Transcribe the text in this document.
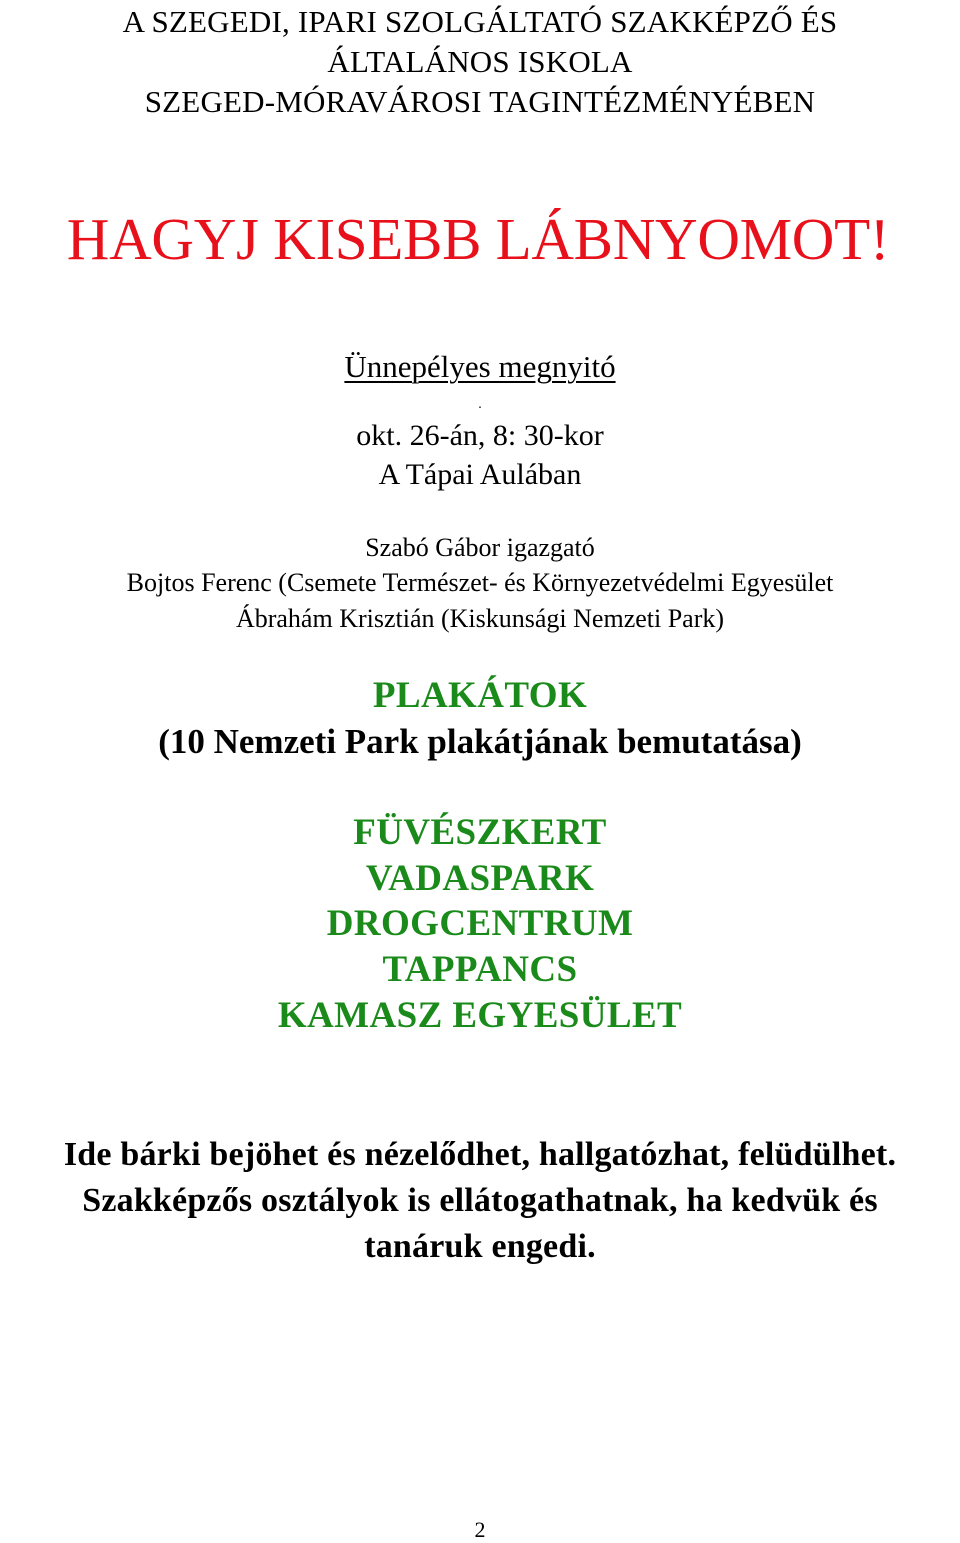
A SZEGEDI, IPARI SZOLGÁLTATÓ SZAKKÉPZŐ ÉS

ÁLTALÁNOS ISKOLA

SZEGED-MÓRAVÁROSI TAGINTÉZMÉNYÉBEN

HAGYJ KISEBB LÁBNYOMOT!

Ünnepélyes megnyitó

.

okt. 26-án, 8: 30-kor

A Tápai Aulában

Szabó Gábor igazgató

Bojtos Ferenc (Csemete Természet- és Környezetvédelmi Egyesület

Ábrahám Krisztián (Kiskunsági Nemzeti Park)

PLAKÁTOK

(10 Nemzeti Park plakátjának bemutatása)

FÜVÉSZKERT

VADASPARK

DROGCENTRUM

TAPPANCS

KAMASZ EGYESÜLET

Ide bárki bejöhet és nézelődhet, hallgatózhat, felüdülhet.

Szakképzős osztályok is ellátogathatnak, ha kedvük és

tanáruk engedi.

2
